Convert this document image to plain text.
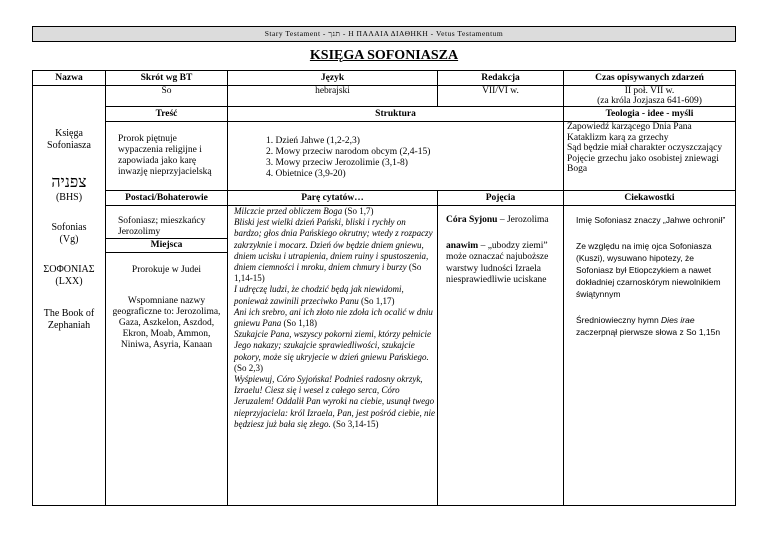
Stary Testament - תנך - Η ΠΑΛΑΙΑ ΔΙΑΘΗΚΗ - Vetus Testamentum
KSIĘGA SOFONIASZA
Nazwa
Księga Sofoniasza
צפניה
(BHS)
Sofonias
(Vg)
ΣΟΦΟΝΙΑΣ
(LXX)
The Book of Zephaniah
Skrót wg BT
So
Treść
Prorok piętnuje wypaczenia religijne i zapowiada jako karę inwazję nieprzyjacielską
Postaci/Bohaterowie
Sofoniasz; mieszkańcy Jerozolimy
Miejsca
Prorokuje w Judei
Wspomniane nazwy geograficzne to: Jerozolima, Gaza, Aszkelon, Aszdod, Ekron, Moab, Ammon, Niniwa, Asyria, Kanaan
Język
hebrajski
Struktura
1. Dzień Jahwe (1,2-2,3)
2. Mowy przeciw narodom obcym (2,4-15)
3. Mowy przeciw Jerozolimie (3,1-8)
4. Obietnice (3,9-20)
Parę cytatów…
Milczcie przed obliczem Boga (So 1,7)
Bliski jest wielki dzień Pański, bliski i rychły on bardzo; głos dnia Pańskiego okrutny; wtedy z rozpaczy zakrzyknie i mocarz. Dzień ów będzie dniem gniewu, dniem ucisku i utrapienia, dniem ruiny i spustoszenia, dniem ciemności i mroku, dniem chmury i burzy (So 1,14-15)
I udręczę ludzi, że chodzić będą jak niewidomi, ponieważ zawinili przeciwko Panu (So 1,17)
Ani ich srebro, ani ich złoto nie zdoła ich ocalić w dniu gniewu Pana (So 1,18)
Szukajcie Pana, wszyscy pokorni ziemi, którzy pełnicie Jego nakazy; szukajcie sprawiedliwości, szukajcie pokory, może się ukryjecie w dzień gniewu Pańskiego. (So 2,3)
Wyśpiewuj, Córo Syjońska! Podnieś radosny okrzyk, Izraelu! Ciesz się i wesel z całego serca, Córo Jeruzalem! Oddalił Pan wyroki na ciebie, usunął twego nieprzyjaciela: król Izraela, Pan, jest pośród ciebie, nie będziesz już bała się złego. (So 3,14-15)
Redakcja
VII/VI w.
Pojęcia
Córa Syjonu – Jerozolima
anawim – „ubodzy ziemi” może oznaczać najuboższe warstwy ludności Izraela niesprawiedliwie uciskane
Czas opisywanych zdarzeń
II poł. VII w.
(za króla Jozjasza 641-609)
Teologia - idee - myśli
Zapowiedź karzącego Dnia Pana
Kataklizm karą za grzechy
Sąd będzie miał charakter oczyszczający
Pojęcie grzechu jako osobistej zniewagi Boga
Ciekawostki
Imię Sofoniasz znaczy „Jahwe ochronił”
Ze względu na imię ojca Sofoniasza (Kuszi), wysuwano hipotezy, że Sofoniasz był Etiopczykiem a nawet dokładniej czarnoskórym niewolnikiem świątynnym
Średniowieczny hymn Dies irae zaczerpnął pierwsze słowa z So 1,15n
